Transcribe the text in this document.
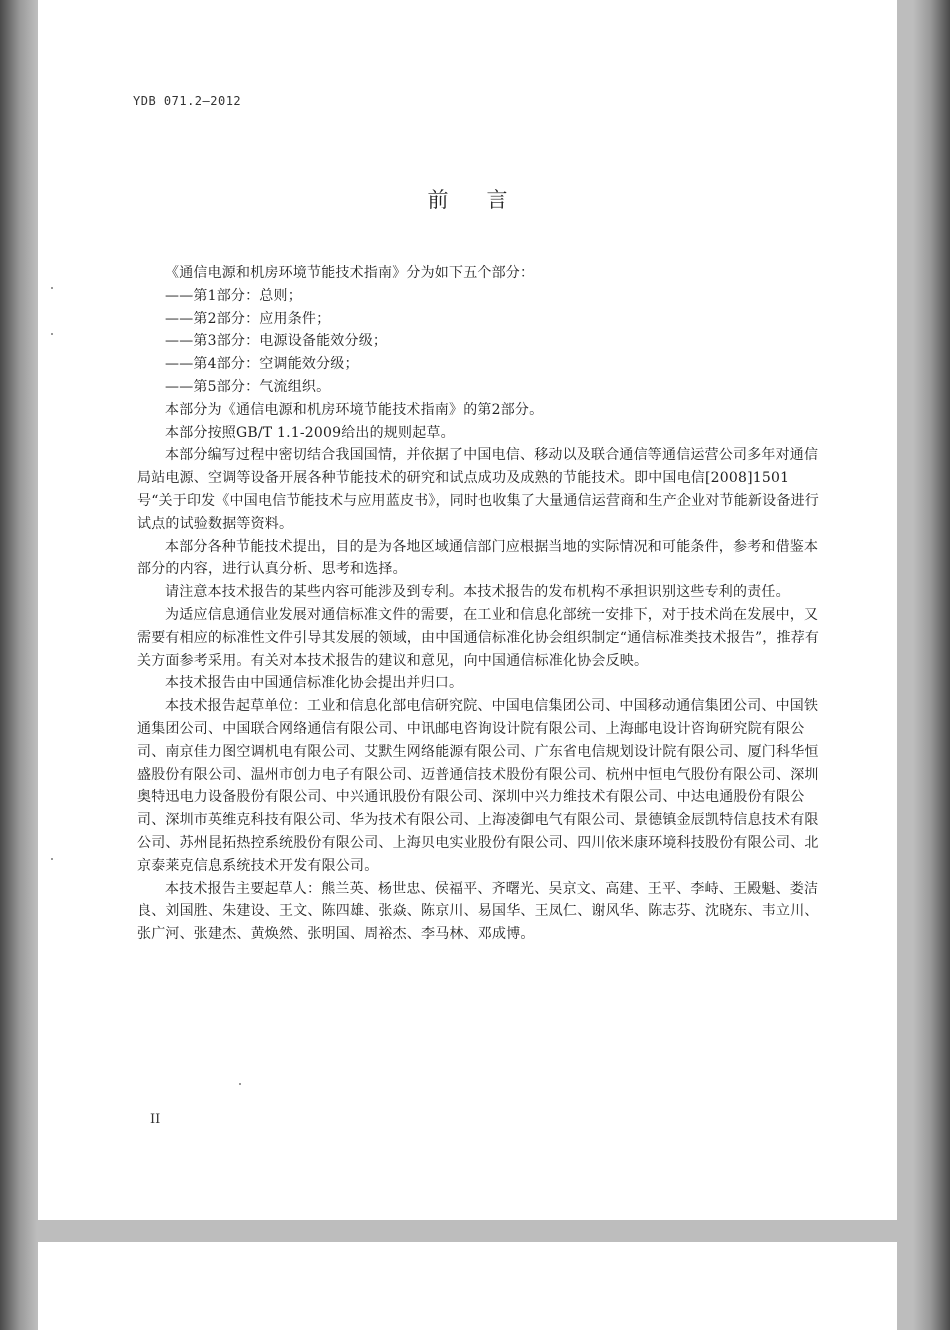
YDB 071.2—2012
前言

《通信电源和机房环境节能技术指南》分为如下五个部分：

——第1部分：总则；

——第2部分：应用条件；

——第3部分：电源设备能效分级；

——第4部分：空调能效分级；

——第5部分：气流组织。

本部分为《通信电源和机房环境节能技术指南》的第2部分。

本部分按照GB/T 1.1-2009给出的规则起草。

本部分编写过程中密切结合我国国情，并依据了中国电信、移动以及联合通信等通信运营公司多年对通信局站电源、空调等设备开展各种节能技术的研究和试点成功及成熟的节能技术。即中国电信[2008]1501号“关于印发《中国电信节能技术与应用蓝皮书》，同时也收集了大量通信运营商和生产企业对节能新设备进行试点的试验数据等资料。

本部分各种节能技术提出，目的是为各地区域通信部门应根据当地的实际情况和可能条件，参考和借鉴本部分的内容，进行认真分析、思考和选择。

请注意本技术报告的某些内容可能涉及到专利。本技术报告的发布机构不承担识别这些专利的责任。

为适应信息通信业发展对通信标准文件的需要，在工业和信息化部统一安排下，对于技术尚在发展中，又需要有相应的标准性文件引导其发展的领域，由中国通信标准化协会组织制定“通信标准类技术报告”，推荐有关方面参考采用。有关对本技术报告的建议和意见，向中国通信标准化协会反映。

本技术报告由中国通信标准化协会提出并归口。

本技术报告起草单位：工业和信息化部电信研究院、中国电信集团公司、中国移动通信集团公司、中国铁通集团公司、中国联合网络通信有限公司、中讯邮电咨询设计院有限公司、上海邮电设计咨询研究院有限公司、南京佳力图空调机电有限公司、艾默生网络能源有限公司、广东省电信规划设计院有限公司、厦门科华恒盛股份有限公司、温州市创力电子有限公司、迈普通信技术股份有限公司、杭州中恒电气股份有限公司、深圳奥特迅电力设备股份有限公司、中兴通讯股份有限公司、深圳中兴力维技术有限公司、中达电通股份有限公司、深圳市英维克科技有限公司、华为技术有限公司、上海凌御电气有限公司、景德镇金辰凯特信息技术有限公司、苏州昆拓热控系统股份有限公司、上海贝电实业股份有限公司、四川依米康环境科技股份有限公司、北京泰莱克信息系统技术开发有限公司。

本技术报告主要起草人：熊兰英、杨世忠、侯福平、齐曙光、吴京文、高建、王平、李峙、王殿魁、娄洁良、刘国胜、朱建设、王文、陈四雄、张焱、陈京川、易国华、王凤仁、谢风华、陈志芬、沈晓东、韦立川、张广河、张建杰、黄焕然、张明国、周裕杰、李马林、邓成博。

II
